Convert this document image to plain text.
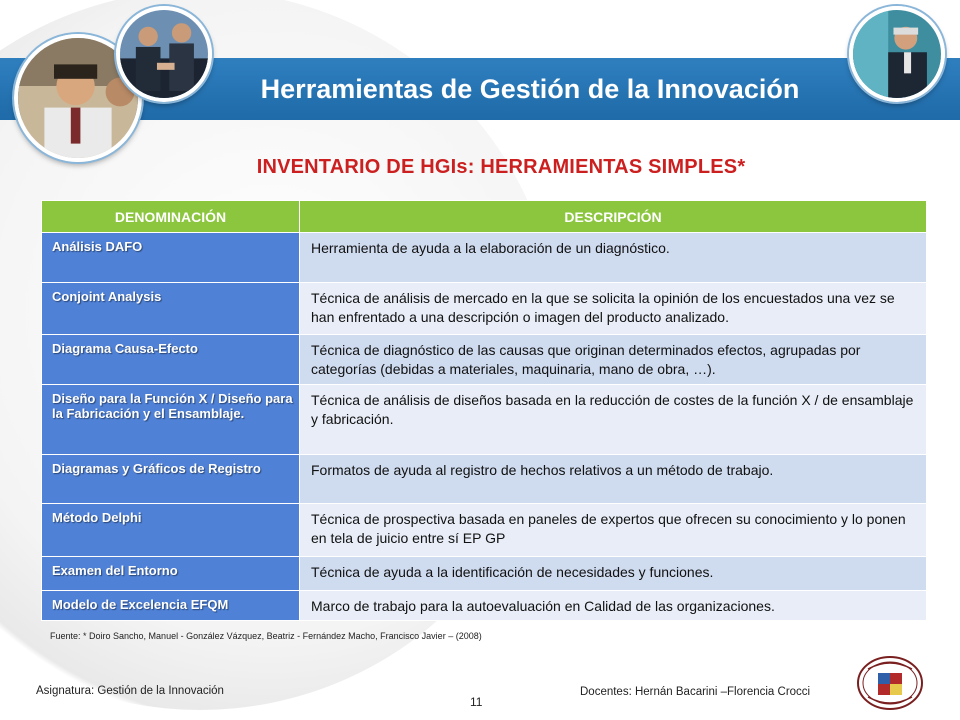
Herramientas de Gestión de la Innovación
INVENTARIO DE HGIs: HERRAMIENTAS SIMPLES*
DENOMINACIÓN	DESCRIPCIÓN
Análisis DAFO	Herramienta de ayuda a la elaboración de un diagnóstico.
Conjoint Analysis	Técnica de análisis de mercado en la que se solicita la opinión de los encuestados una vez se han enfrentado a una descripción o imagen del producto analizado.
Diagrama Causa-Efecto	Técnica de diagnóstico de las causas que originan determinados efectos, agrupadas por categorías (debidas a materiales, maquinaria, mano de obra, …).
Diseño para la Función X / Diseño para la Fabricación y el Ensamblaje.	Técnica de análisis de diseños basada en la reducción de costes de la función X / de ensamblaje y fabricación.
Diagramas y Gráficos de Registro	Formatos de ayuda al registro de hechos relativos a un método de trabajo.
Método Delphi	Técnica de prospectiva basada en paneles de expertos que ofrecen su conocimiento y lo ponen en tela de juicio entre sí EP GP
Examen del Entorno	Técnica de ayuda a la identificación de necesidades y funciones.
Modelo de Excelencia EFQM	Marco de trabajo para la autoevaluación en Calidad de las organizaciones.
Fuente: * Doiro Sancho, Manuel - González Vázquez, Beatriz - Fernández Macho, Francisco Javier – (2008)
Asignatura: Gestión de la Innovación	Docentes: Hernán Bacarini –Florencia Crocci
11
